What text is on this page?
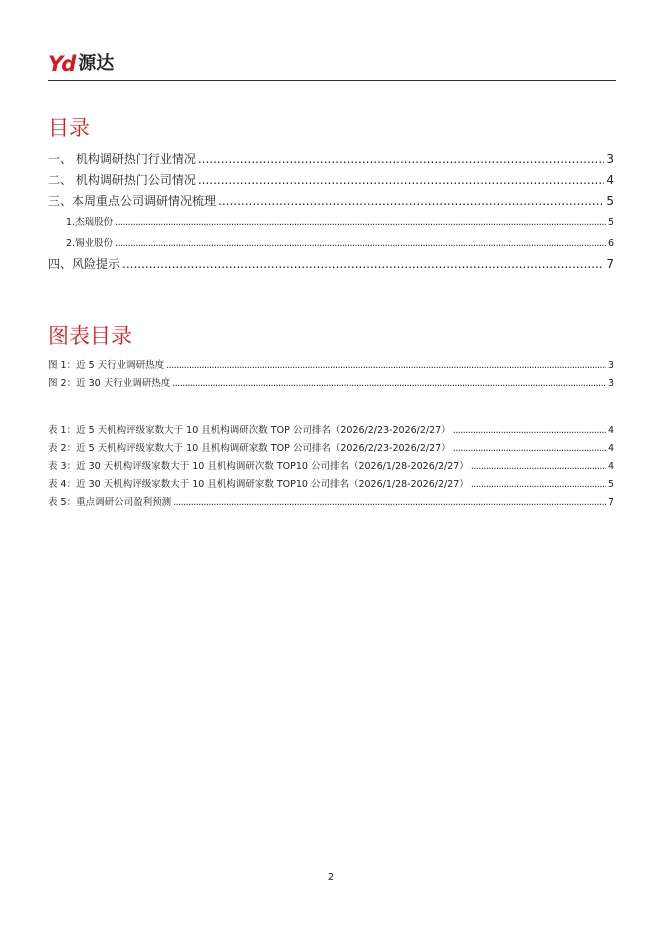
Yd 源达
目录
一、 机构调研热门行业情况 .....	3
二、 机构调研热门公司情况 .....	4
三、本周重点公司调研情况梳理 .....	5
1.杰瑞股份 .....	5
2.锡业股份 .....	6
四、风险提示 .....	7
图表目录
图 1：近 5 天行业调研热度 .....	3
图 2：近 30 天行业调研热度 .....	3
表 1：近 5 天机构评级家数大于 10 且机构调研次数 TOP 公司排名（2026/2/23-2026/2/27） .....	4
表 2：近 5 天机构评级家数大于 10 且机构调研家数 TOP 公司排名（2026/2/23-2026/2/27） .....	4
表 3：近 30 天机构评级家数大于 10 且机构调研次数 TOP10 公司排名（2026/1/28-2026/2/27） .....	4
表 4：近 30 天机构评级家数大于 10 且机构调研家数 TOP10 公司排名（2026/1/28-2026/2/27） .....	5
表 5：重点调研公司盈利预测 .....	7
2
